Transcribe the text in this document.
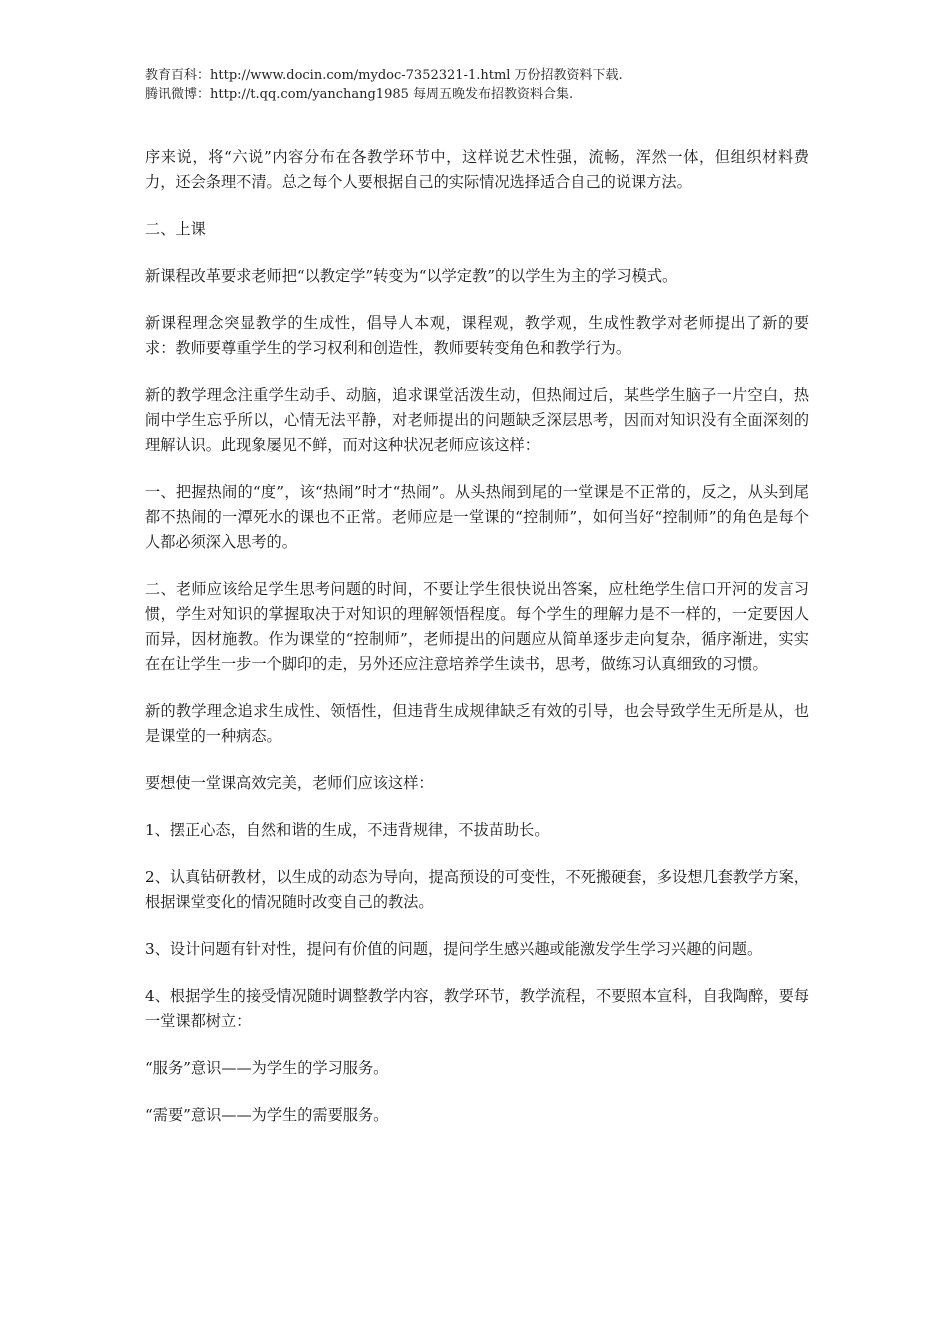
教育百科：http://www.docin.com/mydoc-7352321-1.html 万份招教资料下载.
腾讯微博：http://t.qq.com/yanchang1985 每周五晚发布招教资料合集.

序来说，将“六说”内容分布在各教学环节中，这样说艺术性强，流畅，浑然一体，但组织材料费力，还会条理不清。总之每个人要根据自己的实际情况选择适合自己的说课方法。

二、上课

新课程改革要求老师把“以教定学”转变为“以学定教”的以学生为主的学习模式。

新课程理念突显教学的生成性，倡导人本观，课程观，教学观，生成性教学对老师提出了新的要求：教师要尊重学生的学习权利和创造性，教师要转变角色和教学行为。

新的教学理念注重学生动手、动脑，追求课堂活泼生动，但热闹过后，某些学生脑子一片空白，热闹中学生忘乎所以，心情无法平静，对老师提出的问题缺乏深层思考，因而对知识没有全面深刻的理解认识。此现象屡见不鲜，而对这种状况老师应该这样：

一、把握热闹的“度”，该“热闹”时才“热闹”。从头热闹到尾的一堂课是不正常的，反之，从头到尾都不热闹的一潭死水的课也不正常。老师应是一堂课的“控制师”，如何当好“控制师”的角色是每个人都必须深入思考的。

二、老师应该给足学生思考问题的时间，不要让学生很快说出答案，应杜绝学生信口开河的发言习惯，学生对知识的掌握取决于对知识的理解领悟程度。每个学生的理解力是不一样的，一定要因人而异，因材施教。作为课堂的“控制师”，老师提出的问题应从简单逐步走向复杂，循序渐进，实实在在让学生一步一个脚印的走，另外还应注意培养学生读书，思考，做练习认真细致的习惯。

新的教学理念追求生成性、领悟性，但违背生成规律缺乏有效的引导，也会导致学生无所是从，也是课堂的一种病态。

要想使一堂课高效完美，老师们应该这样：

1、摆正心态，自然和谐的生成，不违背规律，不拔苗助长。

2、认真钻研教材，以生成的动态为导向，提高预设的可变性，不死搬硬套，多设想几套教学方案，根据课堂变化的情况随时改变自己的教法。

3、设计问题有针对性，提问有价值的问题，提问学生感兴趣或能激发学生学习兴趣的问题。

4、根据学生的接受情况随时调整教学内容，教学环节，教学流程，不要照本宣科，自我陶醉，要每一堂课都树立：

“服务”意识——为学生的学习服务。

“需要”意识——为学生的需要服务。
